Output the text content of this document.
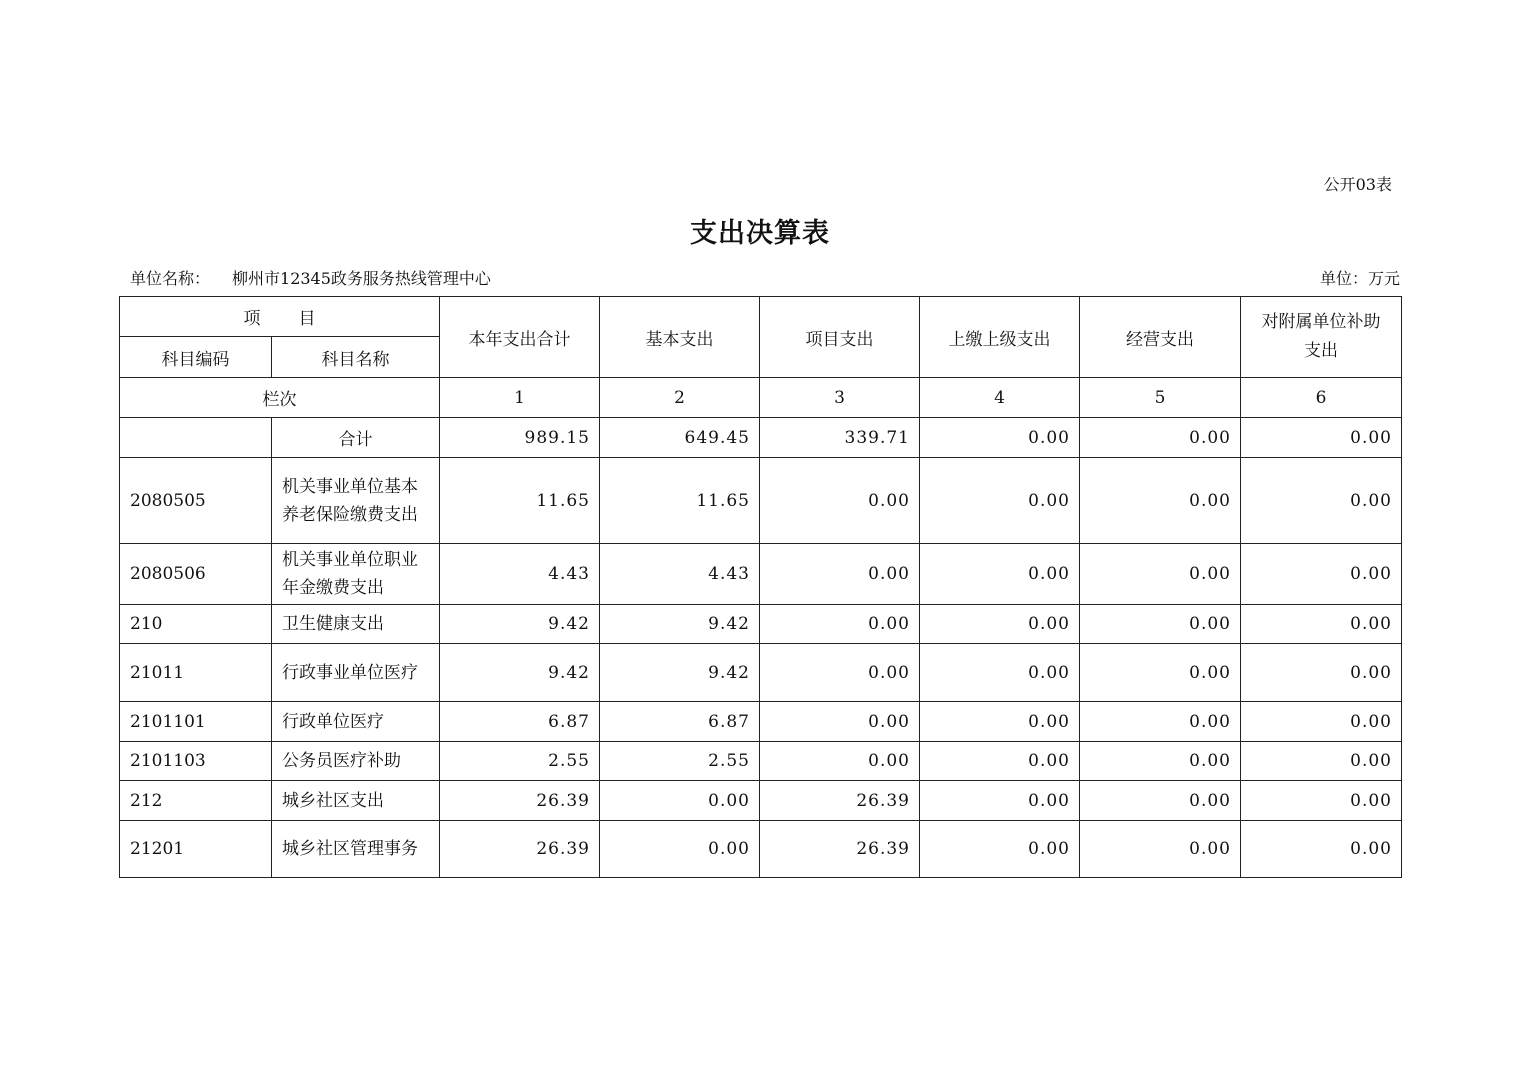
公开03表
支出决算表
单位名称： 柳州市12345政务服务热线管理中心	单位：万元
项 目		本年支出合计	基本支出	项目支出	上缴上级支出	经营支出	对附属单位补助支出
科目编码	科目名称						
栏次		1	2	3	4	5	6
	合计	989.15	649.45	339.71	0.00	0.00	0.00
2080505	机关事业单位基本养老保险缴费支出	11.65	11.65	0.00	0.00	0.00	0.00
2080506	机关事业单位职业年金缴费支出	4.43	4.43	0.00	0.00	0.00	0.00
210	卫生健康支出	9.42	9.42	0.00	0.00	0.00	0.00
21011	行政事业单位医疗	9.42	9.42	0.00	0.00	0.00	0.00
2101101	行政单位医疗	6.87	6.87	0.00	0.00	0.00	0.00
2101103	公务员医疗补助	2.55	2.55	0.00	0.00	0.00	0.00
212	城乡社区支出	26.39	0.00	26.39	0.00	0.00	0.00
21201	城乡社区管理事务	26.39	0.00	26.39	0.00	0.00	0.00
